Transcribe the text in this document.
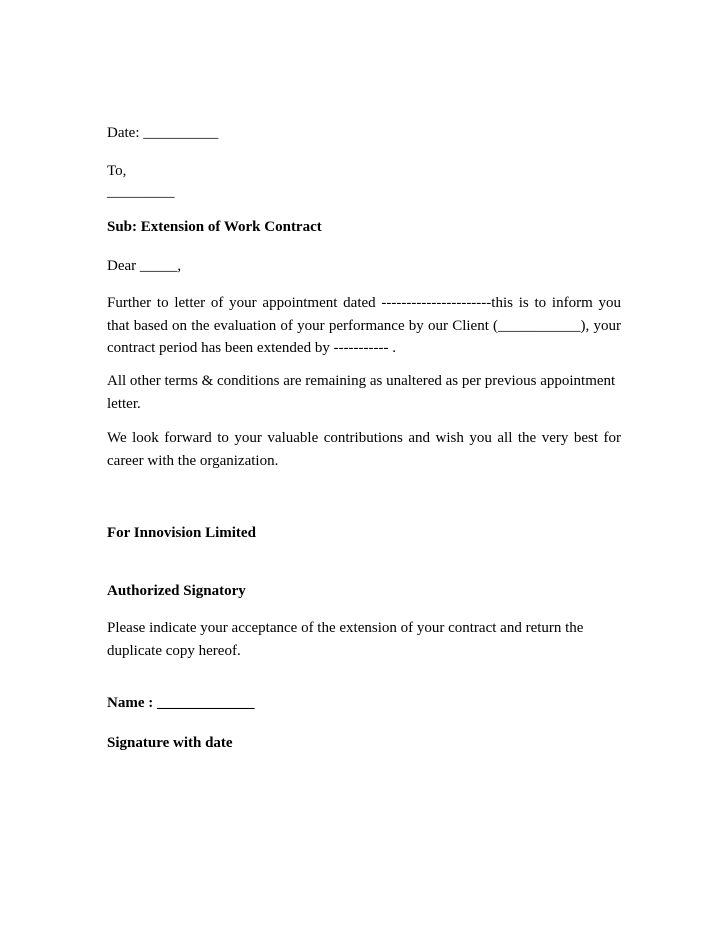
Date: __________
To,
_________
Sub: Extension of Work Contract
Dear _____,
Further to letter of your appointment dated ----------------------this is to inform you that based on the evaluation of your performance by our Client (___________), your contract period has been extended by ----------- .
All other terms & conditions are remaining as unaltered as per previous appointment letter.
We look forward to your valuable contributions and wish you all the very best for career with the organization.
For Innovision Limited
Authorized Signatory
Please indicate your acceptance of the extension of your contract and return the duplicate copy hereof.
Name : _____________
Signature with date
